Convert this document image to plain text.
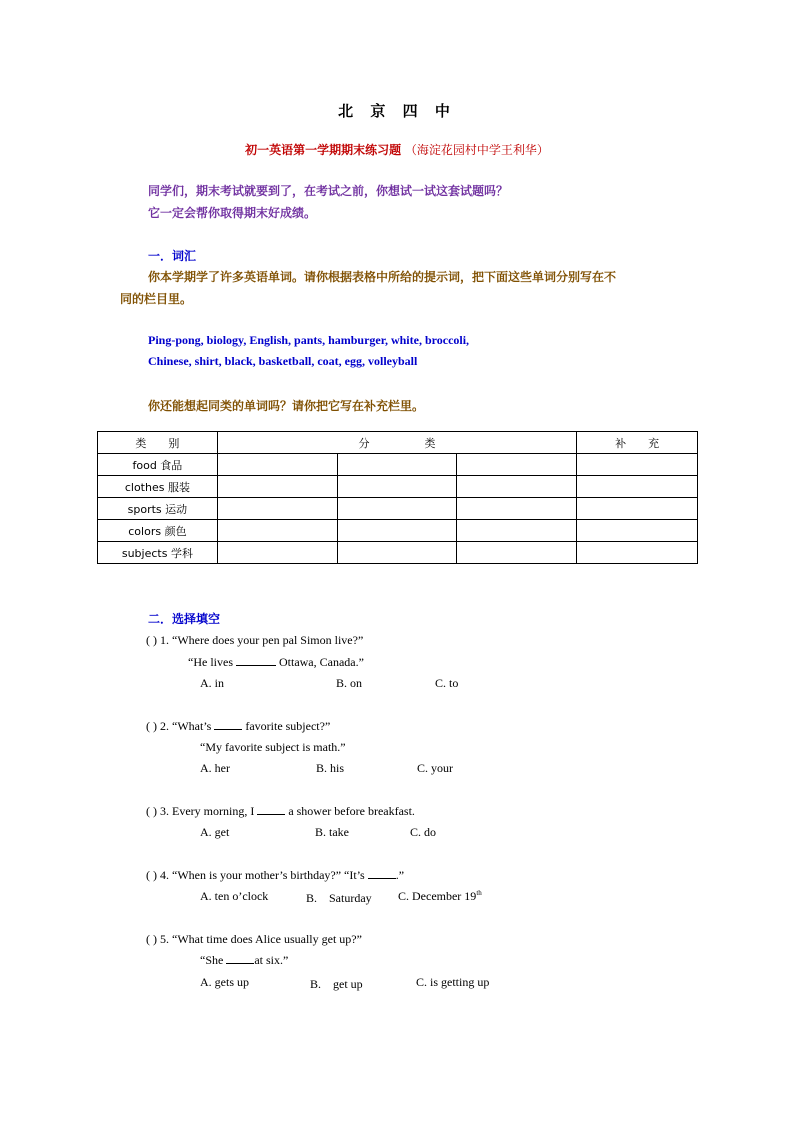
北 京 四 中
初一英语第一学期期末练习题 （海淀花园村中学王利华）
同学们，期末考试就要到了，在考试之前，你想试一试这套试题吗？
它一定会帮你取得期末好成绩。
一．词汇
你本学期学了许多英语单词。请你根据表格中所给的提示词，把下面这些单词分别写在不
同的栏目里。
Ping-pong, biology, English, pants, hamburger, white, broccoli,
Chinese, shirt, black, basketball, coat, egg, volleyball
你还能想起同类的单词吗？请你把它写在补充栏里。
类　　别	分　　　　　类			补　　充
food 食品				
clothes 服装				
sports 运动				
colors 颜色				
subjects 学科				
二．选择填空
( ) 1. “Where does your pen pal Simon live?”
“He lives	Ottawa, Canada.”
A. in	B. on	C. to
( ) 2. “What’s  favorite subject?”
“My favorite subject is math.”
A. her	B. his	C. your
( ) 3. Every morning, I  a shower before breakfast.
A. get	B. take	C. do
( ) 4. “When is your mother’s birthday?” “It’s .”
A. ten o’clock	B.　Saturday C. December 19th
( ) 5. “What time does Alice usually get up?”
“She at six.”
A. gets up	B.　get up	C. is getting up
